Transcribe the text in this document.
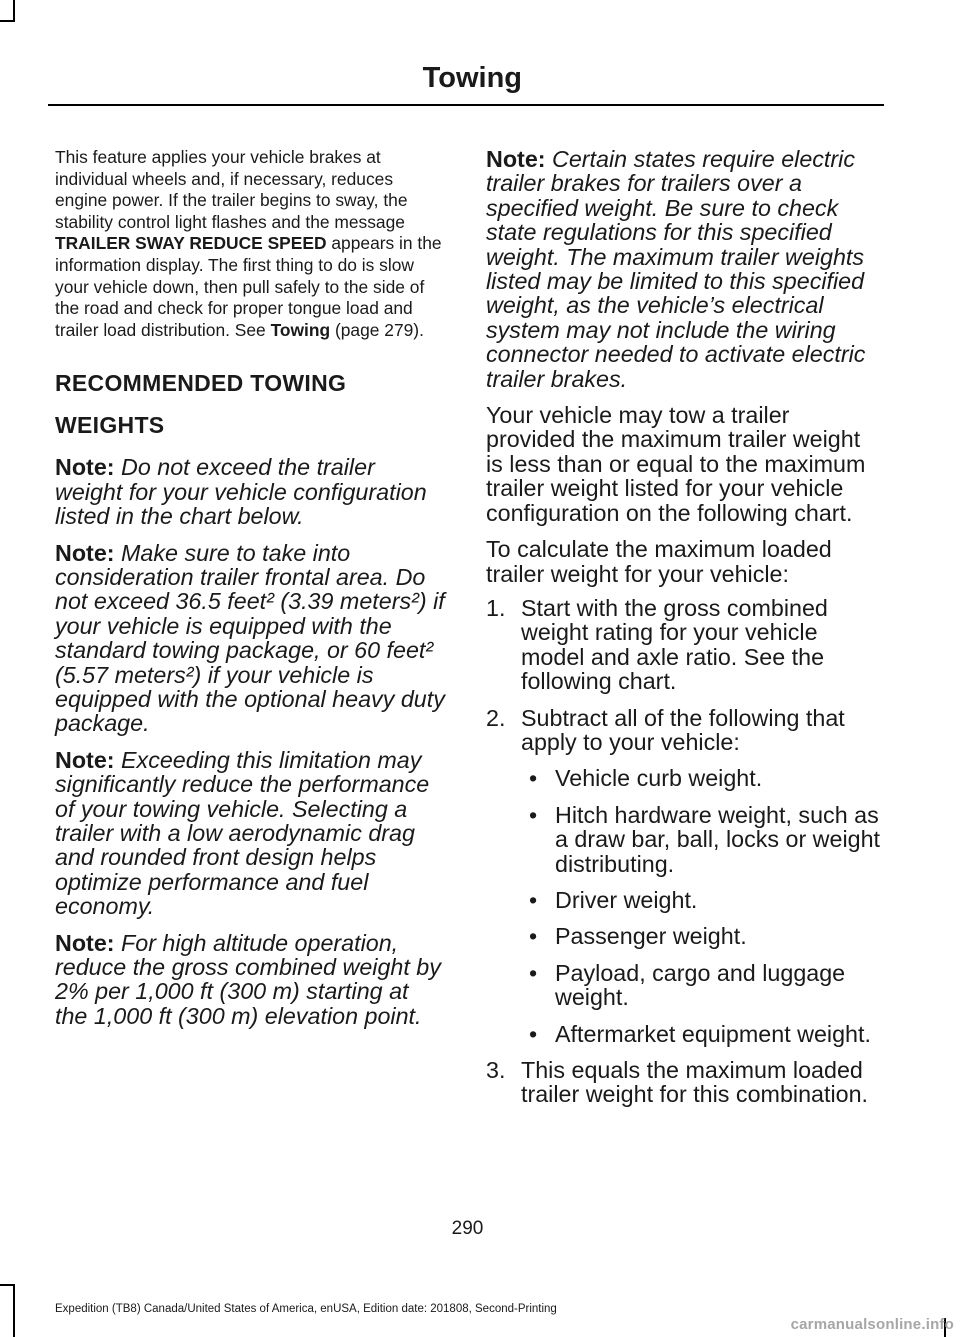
Towing

This feature applies your vehicle brakes at individual wheels and, if necessary, reduces engine power. If the trailer begins to sway, the stability control light flashes and the message TRAILER SWAY REDUCE SPEED appears in the information display. The first thing to do is slow your vehicle down, then pull safely to the side of the road and check for proper tongue load and trailer load distribution. See Towing (page 279).

RECOMMENDED TOWING
WEIGHTS

Note: Do not exceed the trailer weight for your vehicle configuration listed in the chart below.

Note: Make sure to take into consideration trailer frontal area. Do not exceed 36.5 feet² (3.39 meters²) if your vehicle is equipped with the standard towing package, or 60 feet² (5.57 meters²) if your vehicle is equipped with the optional heavy duty package.

Note: Exceeding this limitation may significantly reduce the performance of your towing vehicle. Selecting a trailer with a low aerodynamic drag and rounded front design helps optimize performance and fuel economy.

Note: For high altitude operation, reduce the gross combined weight by 2% per 1,000 ft (300 m) starting at the 1,000 ft (300 m) elevation point.

Note: Certain states require electric trailer brakes for trailers over a specified weight. Be sure to check state regulations for this specified weight. The maximum trailer weights listed may be limited to this specified weight, as the vehicle’s electrical system may not include the wiring connector needed to activate electric trailer brakes.

Your vehicle may tow a trailer provided the maximum trailer weight is less than or equal to the maximum trailer weight listed for your vehicle configuration on the following chart.

To calculate the maximum loaded trailer weight for your vehicle:

1. Start with the gross combined weight rating for your vehicle model and axle ratio. See the following chart.
2. Subtract all of the following that apply to your vehicle:
• Vehicle curb weight.
• Hitch hardware weight, such as a draw bar, ball, locks or weight distributing.
• Driver weight.
• Passenger weight.
• Payload, cargo and luggage weight.
• Aftermarket equipment weight.
3. This equals the maximum loaded trailer weight for this combination.
290
Expedition (TB8) Canada/United States of America, enUSA, Edition date: 201808, Second-Printing
carmanualsonline.info
